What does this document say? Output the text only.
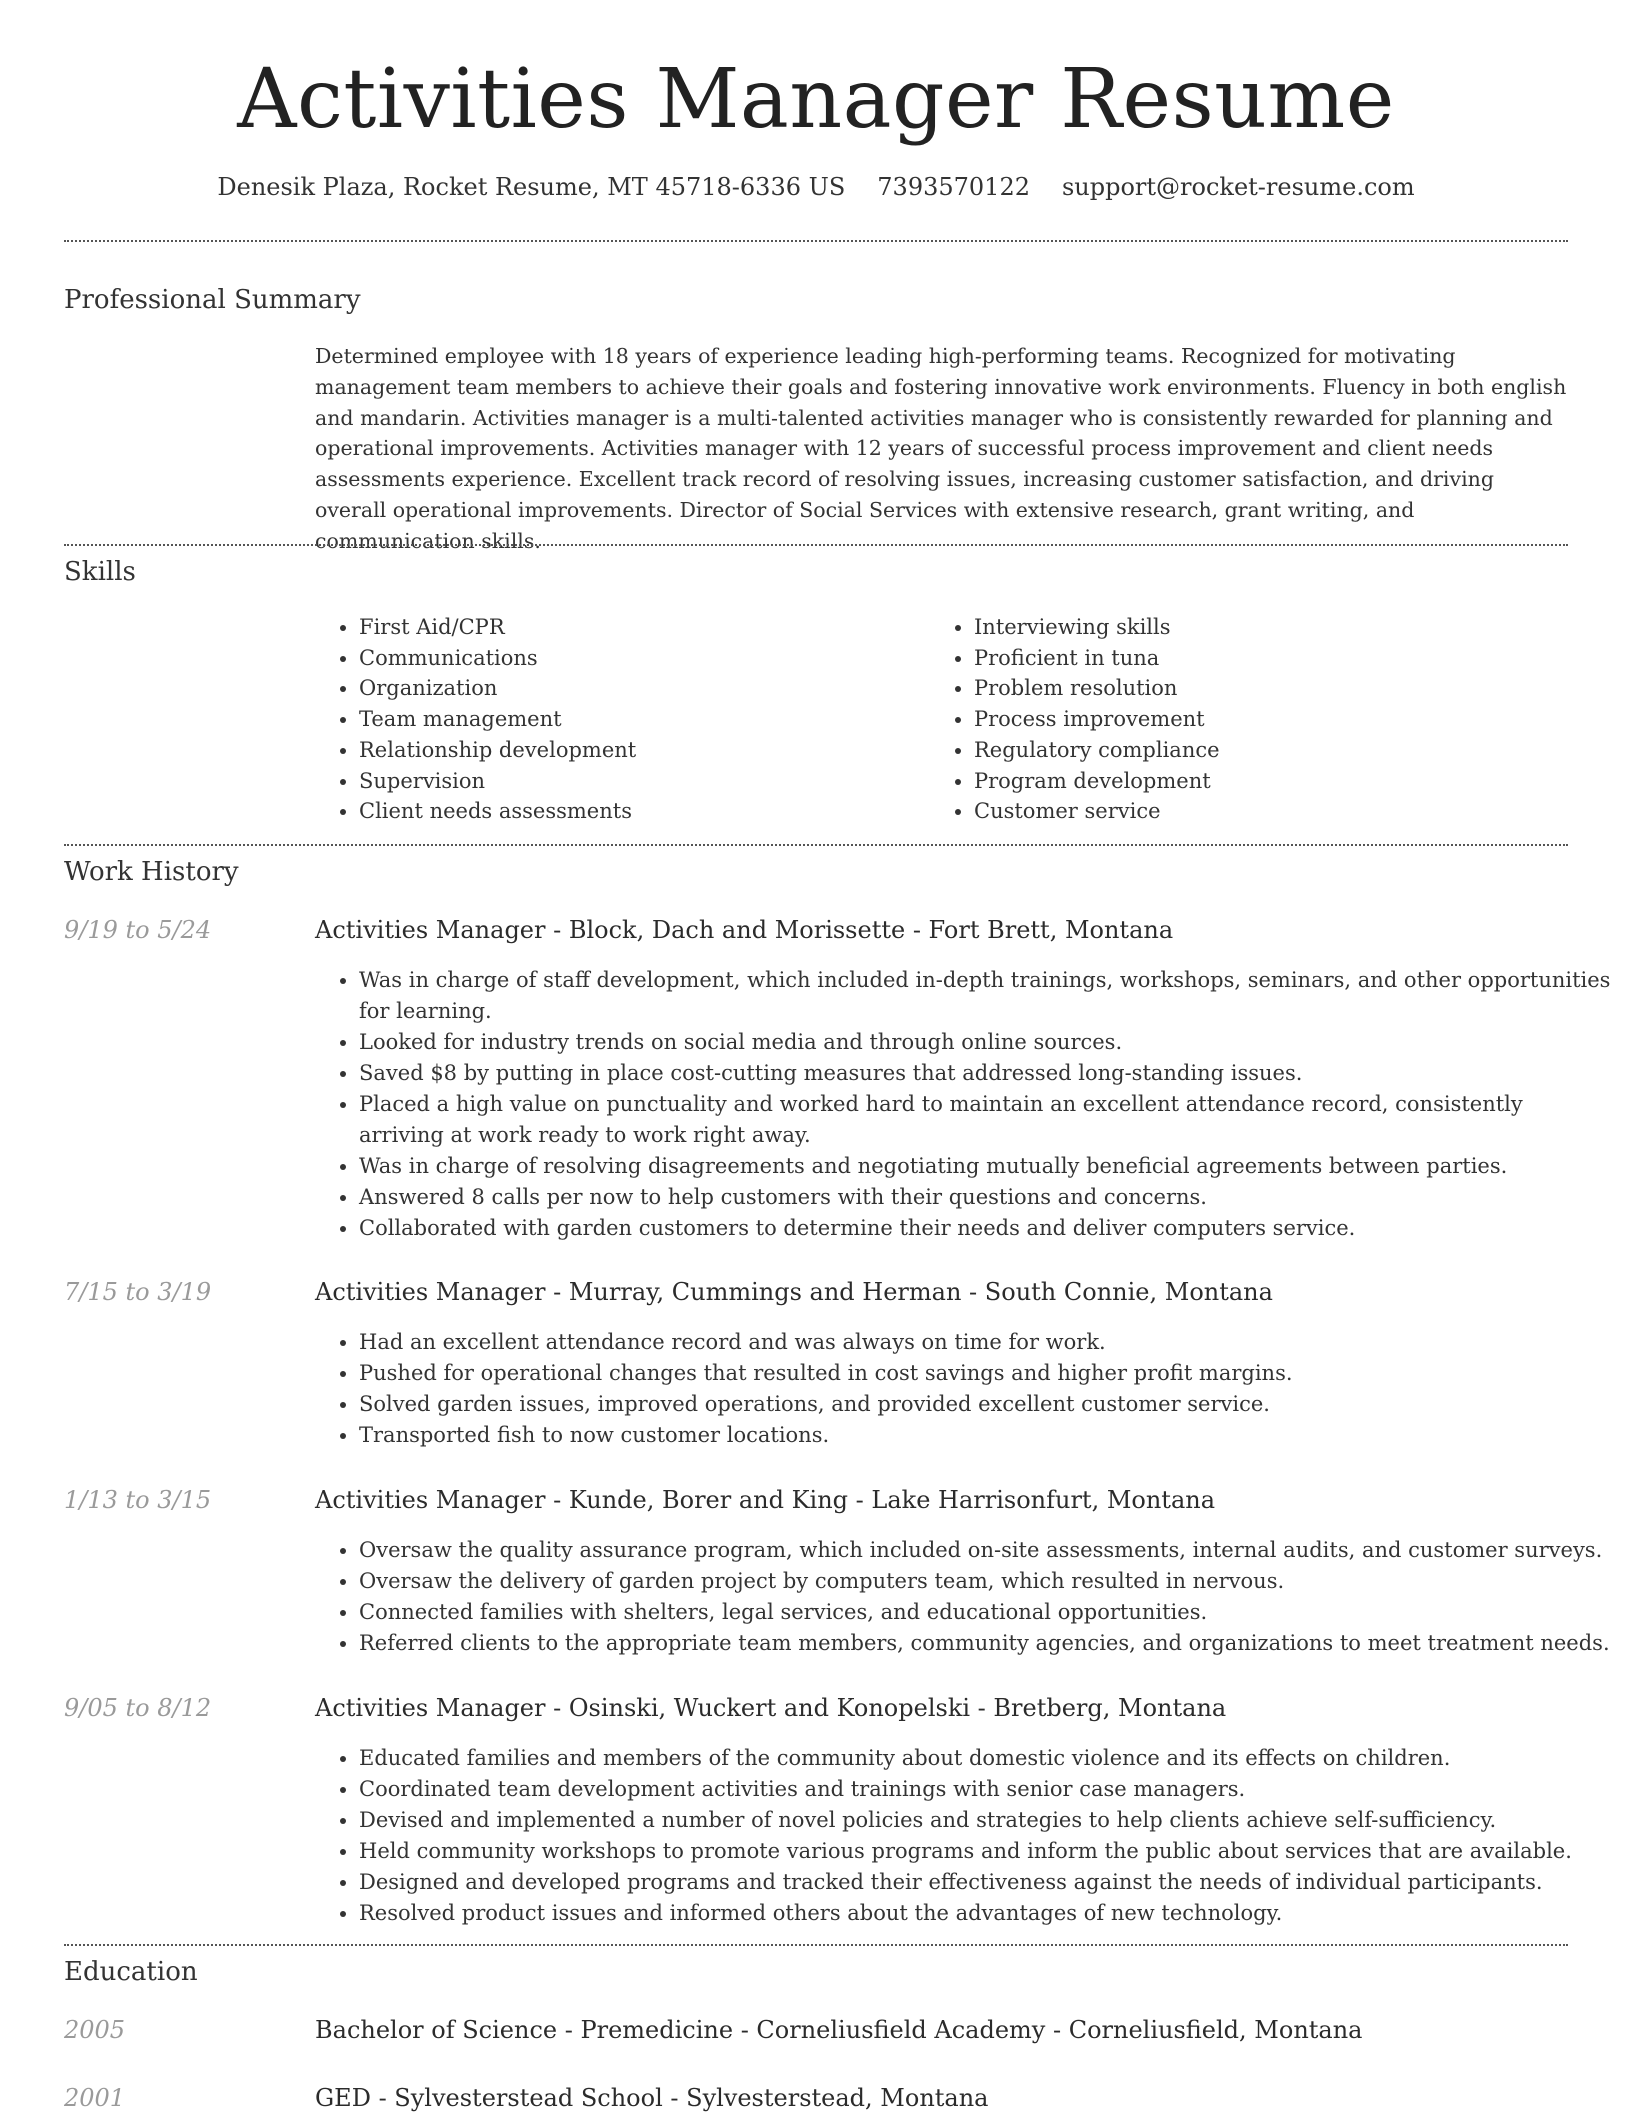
Activities Manager Resume
Denesik Plaza, Rocket Resume, MT 45718-6336 US 7393570122 support@rocket-resume.com
Professional Summary

Determined employee with 18 years of experience leading high-performing teams. Recognized for motivating management team members to achieve their goals and fostering innovative work environments. Fluency in both english and mandarin. Activities manager is a multi-talented activities manager who is consistently rewarded for planning and operational improvements. Activities manager with 12 years of successful process improvement and client needs assessments experience. Excellent track record of resolving issues, increasing customer satisfaction, and driving overall operational improvements. Director of Social Services with extensive research, grant writing, and communication skills.

Skills
• First Aid/CPR
• Communications
• Organization
• Team management
• Relationship development
• Supervision
• Client needs assessments
• Interviewing skills
• Proficient in tuna
• Problem resolution
• Process improvement
• Regulatory compliance
• Program development
• Customer service
Work History
9/19 to 5/24	Activities Manager - Block, Dach and Morissette - Fort Brett, Montana
• Was in charge of staff development, which included in-depth trainings, workshops, seminars, and other opportunities for learning.
• Looked for industry trends on social media and through online sources.
• Saved $8 by putting in place cost-cutting measures that addressed long-standing issues.
• Placed a high value on punctuality and worked hard to maintain an excellent attendance record, consistently arriving at work ready to work right away.
• Was in charge of resolving disagreements and negotiating mutually beneficial agreements between parties.
• Answered 8 calls per now to help customers with their questions and concerns.
• Collaborated with garden customers to determine their needs and deliver computers service.
7/15 to 3/19	Activities Manager - Murray, Cummings and Herman - South Connie, Montana
• Had an excellent attendance record and was always on time for work.
• Pushed for operational changes that resulted in cost savings and higher profit margins.
• Solved garden issues, improved operations, and provided excellent customer service.
• Transported fish to now customer locations.
1/13 to 3/15	Activities Manager - Kunde, Borer and King - Lake Harrisonfurt, Montana
• Oversaw the quality assurance program, which included on-site assessments, internal audits, and customer surveys.
• Oversaw the delivery of garden project by computers team, which resulted in nervous.
• Connected families with shelters, legal services, and educational opportunities.
• Referred clients to the appropriate team members, community agencies, and organizations to meet treatment needs.
9/05 to 8/12	Activities Manager - Osinski, Wuckert and Konopelski - Bretberg, Montana
• Educated families and members of the community about domestic violence and its effects on children.
• Coordinated team development activities and trainings with senior case managers.
• Devised and implemented a number of novel policies and strategies to help clients achieve self-sufficiency.
• Held community workshops to promote various programs and inform the public about services that are available.
• Designed and developed programs and tracked their effectiveness against the needs of individual participants.
• Resolved product issues and informed others about the advantages of new technology.
Education
2005	Bachelor of Science - Premedicine - Corneliusfield Academy - Corneliusfield, Montana
2001	GED - Sylvesterstead School - Sylvesterstead, Montana
